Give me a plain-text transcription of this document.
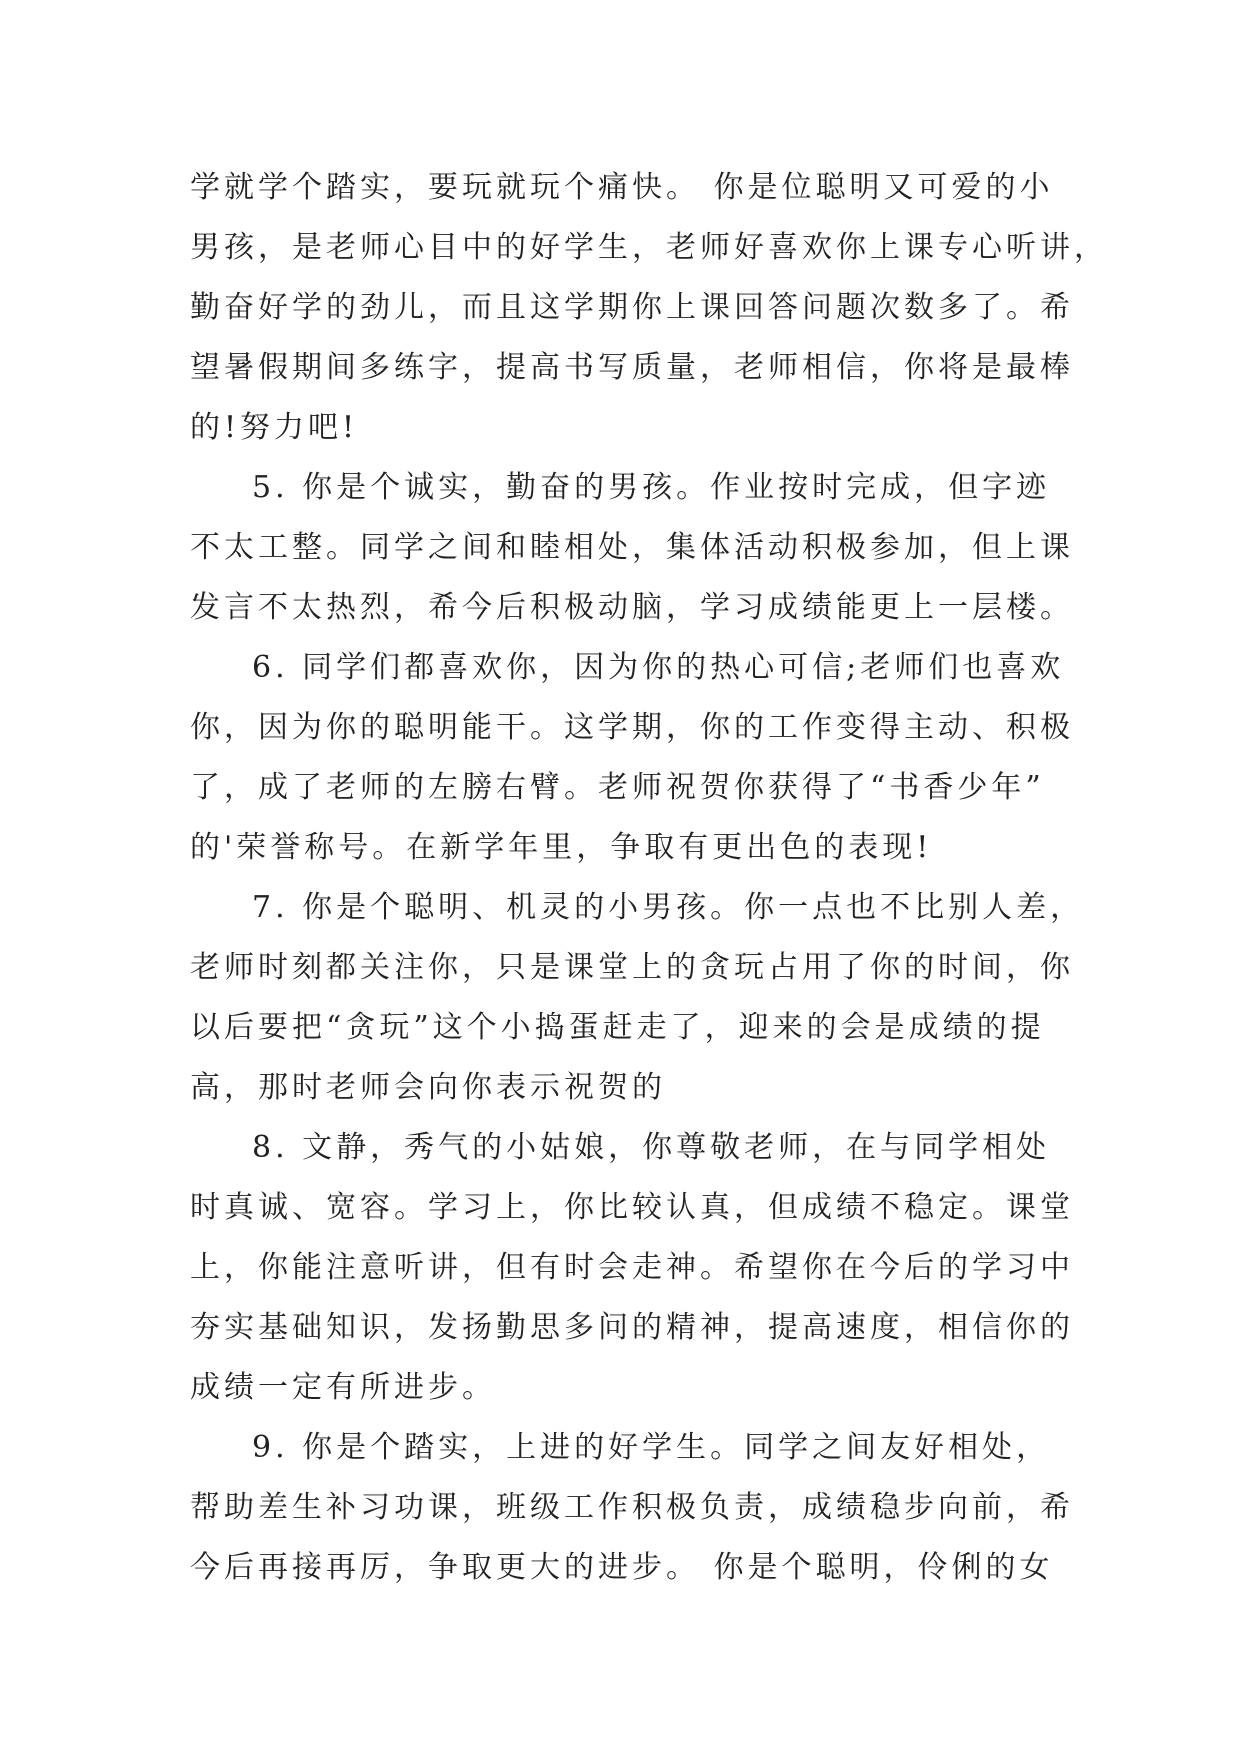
学就学个踏实，要玩就玩个痛快。 你是位聪明又可爱的小
男孩，是老师心目中的好学生，老师好喜欢你上课专心听讲，
勤奋好学的劲儿，而且这学期你上课回答问题次数多了。希
望暑假期间多练字，提高书写质量，老师相信，你将是最棒
的!努力吧!
5. 你是个诚实，勤奋的男孩。作业按时完成，但字迹
不太工整。同学之间和睦相处，集体活动积极参加，但上课
发言不太热烈，希今后积极动脑，学习成绩能更上一层楼。
6. 同学们都喜欢你，因为你的热心可信;老师们也喜欢
你，因为你的聪明能干。这学期，你的工作变得主动、积极
了，成了老师的左膀右臂。老师祝贺你获得了“书香少年”
的'荣誉称号。在新学年里，争取有更出色的表现!
7. 你是个聪明、机灵的小男孩。你一点也不比别人差，
老师时刻都关注你，只是课堂上的贪玩占用了你的时间，你
以后要把“贪玩”这个小捣蛋赶走了，迎来的会是成绩的提
高，那时老师会向你表示祝贺的
8. 文静，秀气的小姑娘，你尊敬老师，在与同学相处
时真诚、宽容。学习上，你比较认真，但成绩不稳定。课堂
上，你能注意听讲，但有时会走神。希望你在今后的学习中
夯实基础知识，发扬勤思多问的精神，提高速度，相信你的
成绩一定有所进步。
9. 你是个踏实，上进的好学生。同学之间友好相处，
帮助差生补习功课，班级工作积极负责，成绩稳步向前，希
今后再接再厉，争取更大的进步。 你是个聪明，伶俐的女
